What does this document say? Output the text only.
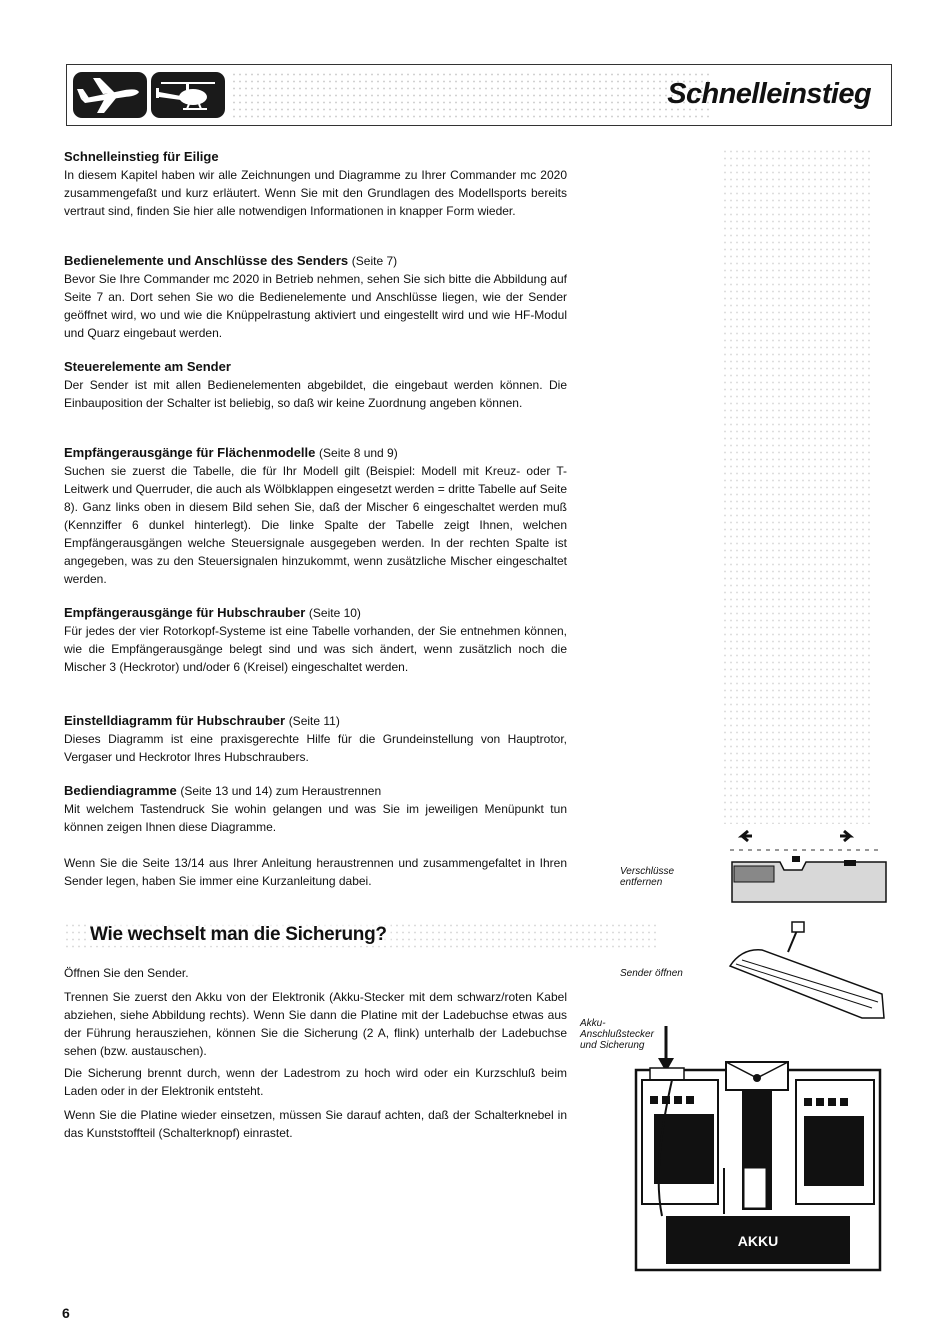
Schnelleinstieg
Schnelleinstieg für Eilige

In diesem Kapitel haben wir alle Zeichnungen und Diagramme zu Ihrer Commander mc 2020 zusammengefaßt und kurz erläutert. Wenn Sie mit den Grundlagen des Modellsports bereits vertraut sind, finden Sie hier alle notwendigen Informationen in knapper Form wieder.

Bedienelemente und Anschlüsse des Senders (Seite 7)

Bevor Sie Ihre Commander mc 2020 in Betrieb nehmen, sehen Sie sich bitte die Abbildung auf Seite 7 an. Dort sehen Sie wo die Bedienelemente und Anschlüsse liegen, wie der Sender geöffnet wird, wo und wie die Knüppelrastung aktiviert und eingestellt wird und wie HF-Modul und Quarz eingebaut werden.

Steuerelemente am Sender

Der Sender ist mit allen Bedienelementen abgebildet, die eingebaut werden können. Die Einbauposition der Schalter ist beliebig, so daß wir keine Zuordnung angeben können.

Empfängerausgänge für Flächenmodelle (Seite 8 und 9)

Suchen sie zuerst die Tabelle, die für Ihr Modell gilt (Beispiel: Modell mit Kreuz- oder T-Leitwerk und Querruder, die auch als Wölbklappen eingesetzt werden = dritte Tabelle auf Seite 8). Ganz links oben in diesem Bild sehen Sie, daß der Mischer 6 eingeschaltet werden muß (Kennziffer 6 dunkel hinterlegt). Die linke Spalte der Tabelle zeigt Ihnen, welchen Empfängerausgängen welche Steuersignale ausgegeben werden. In der rechten Spalte ist angegeben, was zu den Steuersignalen hinzukommt, wenn zusätzliche Mischer eingeschaltet werden.

Empfängerausgänge für Hubschrauber (Seite 10)

Für jedes der vier Rotorkopf-Systeme ist eine Tabelle vorhanden, der Sie entnehmen können, wie die Empfängerausgänge belegt sind und was sich ändert, wenn zusätzlich noch die Mischer 3 (Heckrotor) und/oder 6 (Kreisel) eingeschaltet werden.

Einstelldiagramm für Hubschrauber (Seite 11)

Dieses Diagramm ist eine praxisgerechte Hilfe für die Grundeinstellung von Hauptrotor, Vergaser und Heckrotor Ihres Hubschraubers.

Bediendiagramme (Seite 13 und 14) zum Heraustrennen

Mit welchem Tastendruck Sie wohin gelangen und was Sie im jeweiligen Menüpunkt tun können zeigen Ihnen diese Diagramme.

Wenn Sie die Seite 13/14 aus Ihrer Anleitung heraustrennen und zusammengefaltet in Ihren Sender legen, haben Sie immer eine Kurzanleitung dabei.

Wie wechselt man die Sicherung?

Öffnen Sie den Sender.

Trennen Sie zuerst den Akku von der Elektronik (Akku-Stecker mit dem schwarz/roten Kabel abziehen, siehe Abbildung rechts). Wenn Sie dann die Platine mit der Ladebuchse etwas aus der Führung herausziehen, können Sie die Sicherung (2 A, flink) unterhalb der Ladebuchse sehen (bzw. austauschen).

Die Sicherung brennt durch, wenn der Ladestrom zu hoch wird oder ein Kurzschluß beim Laden oder in der Elektronik entsteht.

Wenn Sie die Platine wieder einsetzen, müssen Sie darauf achten, daß der Schalterknebel in das Kunststoffteil (Schalterknopf) einrastet.

Verschlüsse entfernen
Sender öffnen
Akku-Anschlußstecker und Sicherung
AKKU
6
